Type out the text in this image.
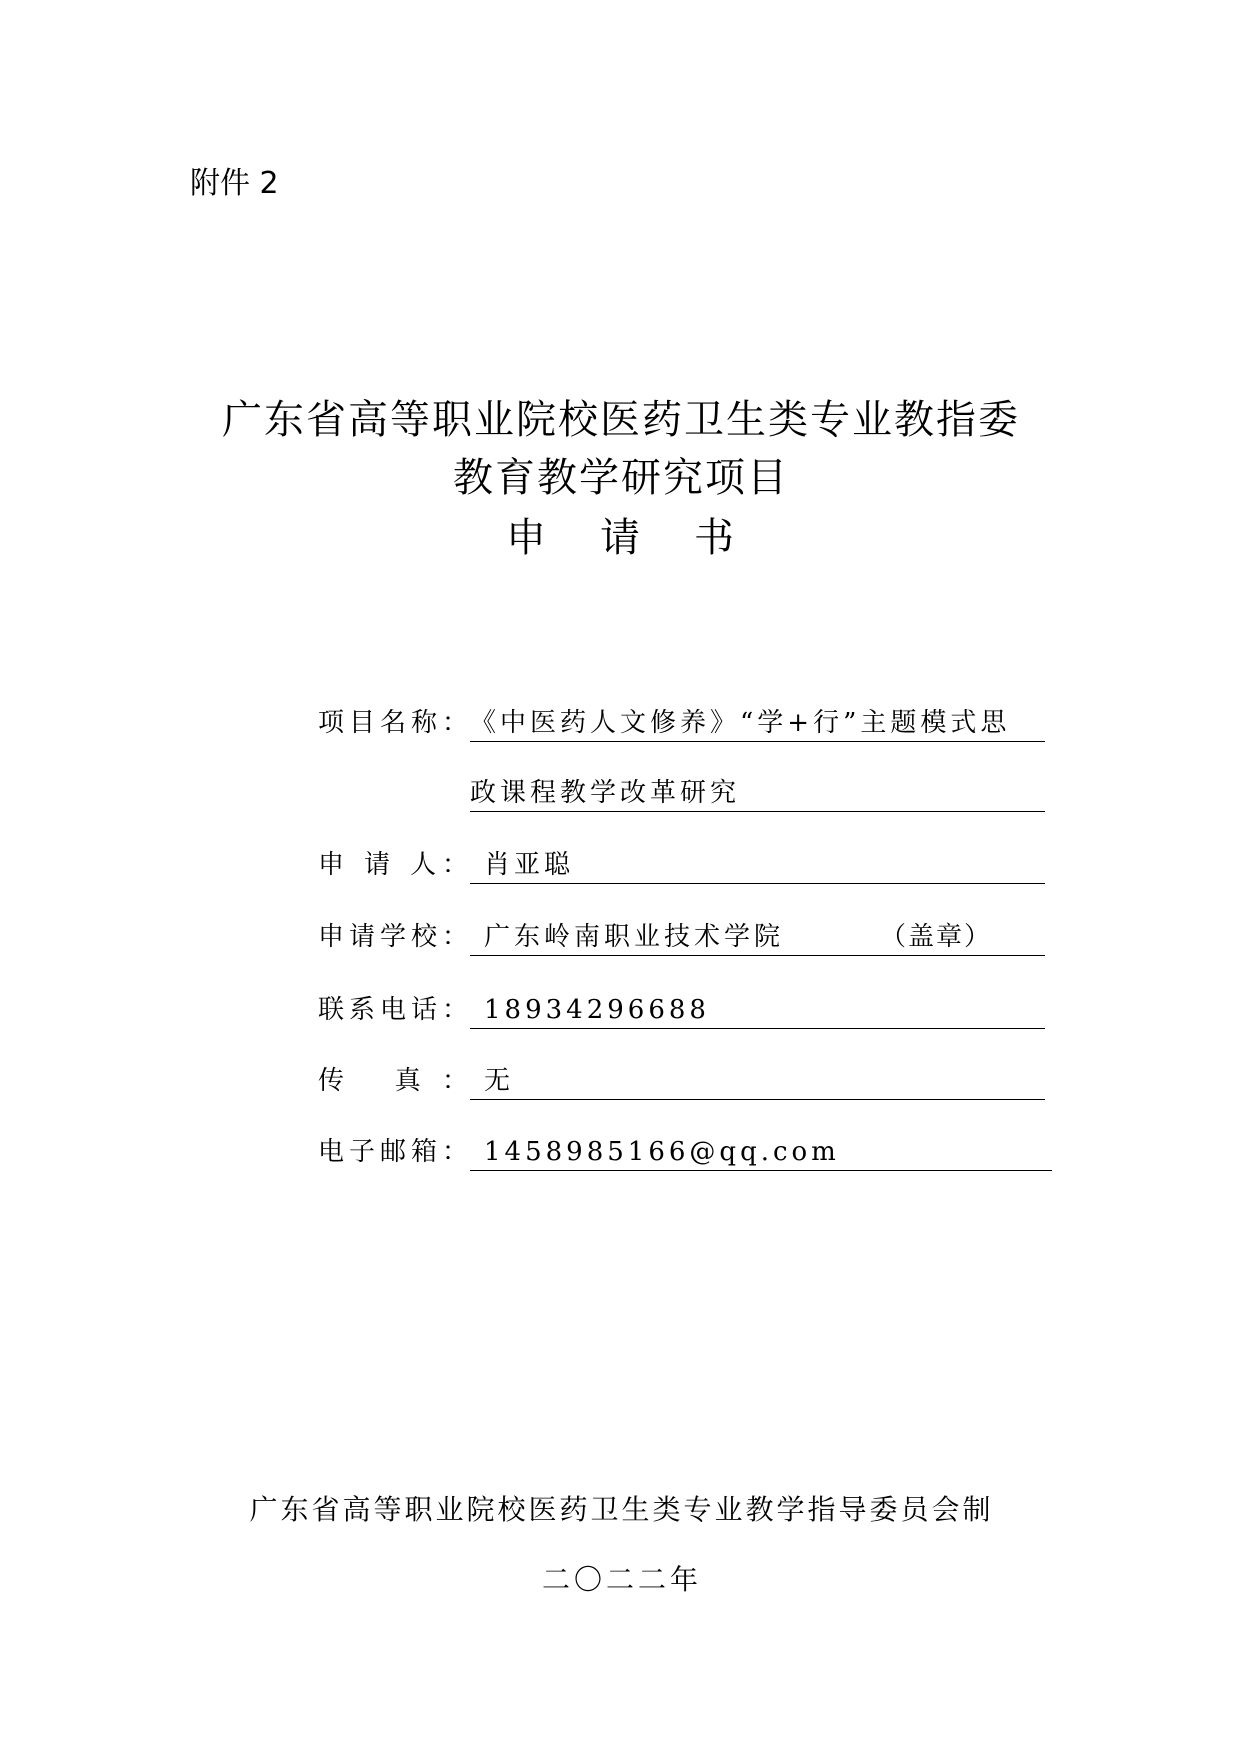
附件 2
广东省高等职业院校医药卫生类专业教指委
教育教学研究项目
申请书
项目名称： 《中医药人文修养》“学+行”主题模式思
政课程教学改革研究
申 请 人： 肖亚聪
申请学校： 广东岭南职业技术学院	（盖章）
联系电话： 18934296688
传 真： 无
电子邮箱： 1458985166@qq.com
广东省高等职业院校医药卫生类专业教学指导委员会制
二〇二二年
